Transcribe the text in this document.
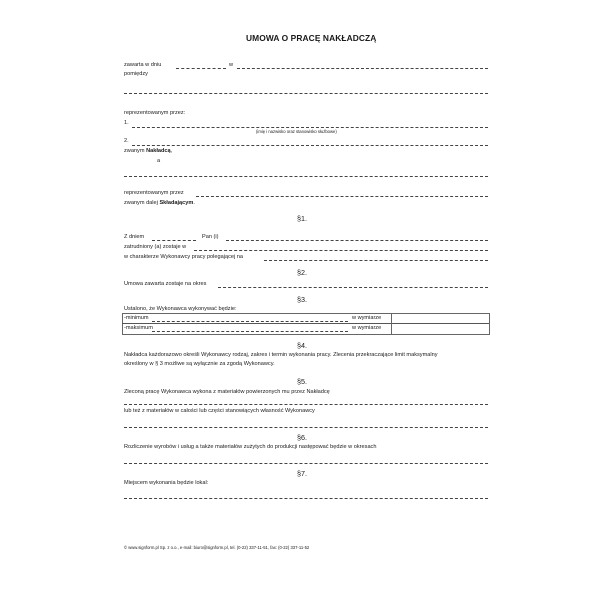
UMOWA O PRACĘ NAKŁADCZĄ
zawarta w dniu	w
pomiędzy
reprezentowanym przez:
1.
(imię i nazwisko oraz stanowisko służbowe)
2.
zwanym Nakładcą,
a
reprezentowanym przez
zwanym dalej Składającym.
§1.
Z dniem	Pan (i)
zatrudniony (a) zostaje w
w charakterze Wykonawcy pracy polegającej na
§2.
Umowa zawarta zostaje na okres
§3.
Ustalono, że Wykonawca wykonywać będzie:
-minimum
-maksimum
w wymiarze
w wymiarze
§4.
Nakładca każdorazowo określi Wykonawcy rodzaj, zakres i termin wykonania pracy. Zlecenia przekraczające limit maksymalny
określony w § 3 możliwe są wyłącznie za zgodą Wykonawcy.
§5.
Zleconą pracę Wykonawca wykona z materiałów powierzonych mu przez Nakładcę
lub też z materiałów w całości lub części stanowiących własność Wykonawcy
§6.
Rozliczenie wyrobów i usług a także materiałów zużytych do produkcji następować będzie w okresach
§7.
Miejscem wykonania będzie lokal:
© www.signform.pl Sp. z o.o., e-mail: biuro@signform.pl, tel. (0-22) 337-11-51, fax: (0-22) 337-11-52
